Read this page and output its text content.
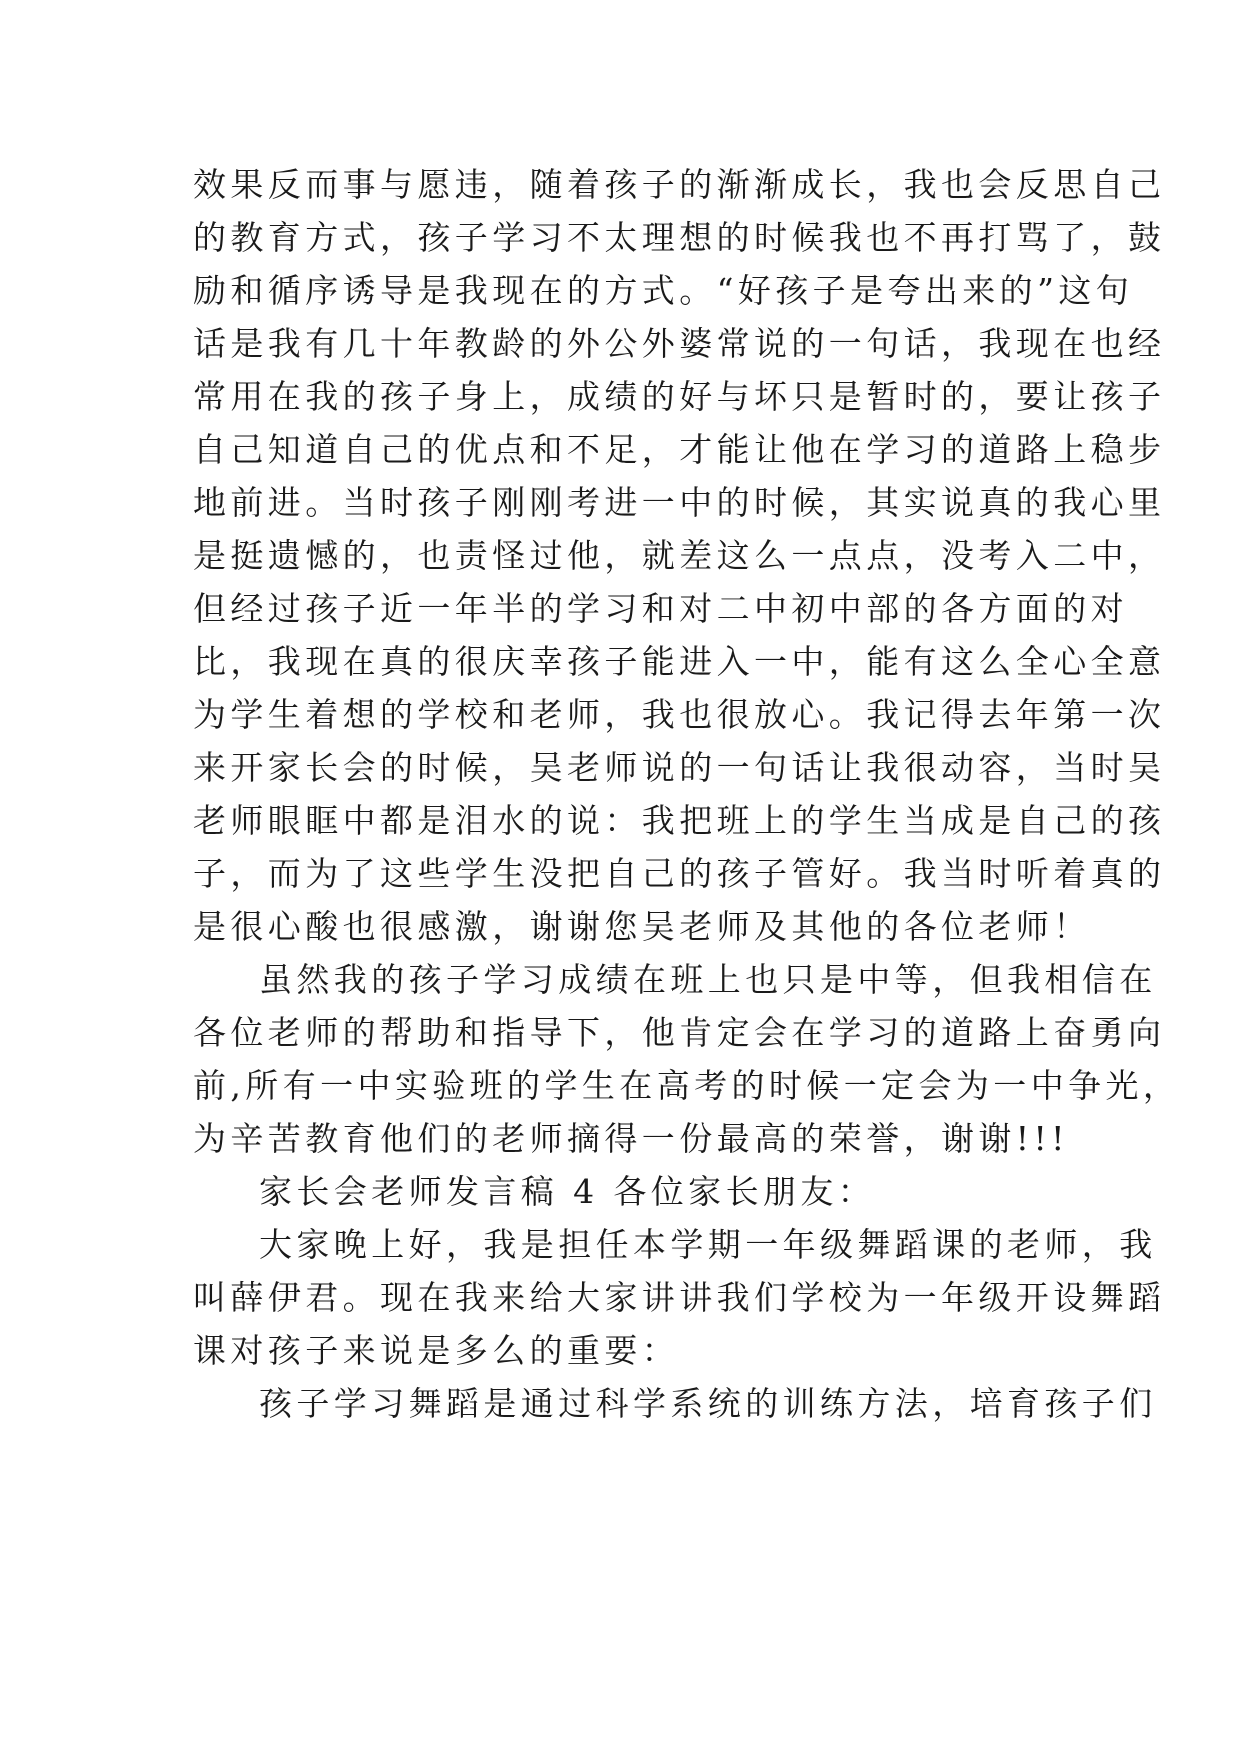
效果反而事与愿违，随着孩子的渐渐成长，我也会反思自己
的教育方式，孩子学习不太理想的时候我也不再打骂了，鼓
励和循序诱导是我现在的方式。“好孩子是夸出来的”这句
话是我有几十年教龄的外公外婆常说的一句话，我现在也经
常用在我的孩子身上，成绩的好与坏只是暂时的，要让孩子
自己知道自己的优点和不足，才能让他在学习的道路上稳步
地前进。当时孩子刚刚考进一中的时候，其实说真的我心里
是挺遗憾的，也责怪过他，就差这么一点点，没考入二中，
但经过孩子近一年半的学习和对二中初中部的各方面的对
比，我现在真的很庆幸孩子能进入一中，能有这么全心全意
为学生着想的学校和老师，我也很放心。我记得去年第一次
来开家长会的时候，吴老师说的一句话让我很动容，当时吴
老师眼眶中都是泪水的说：我把班上的学生当成是自己的孩
子，而为了这些学生没把自己的孩子管好。我当时听着真的
是很心酸也很感激，谢谢您吴老师及其他的各位老师！
虽然我的孩子学习成绩在班上也只是中等，但我相信在
各位老师的帮助和指导下，他肯定会在学习的道路上奋勇向
前,所有一中实验班的学生在高考的时候一定会为一中争光，
为辛苦教育他们的老师摘得一份最高的荣誉，谢谢!!!
家长会老师发言稿 4 各位家长朋友：
大家晚上好，我是担任本学期一年级舞蹈课的老师，我
叫薛伊君。现在我来给大家讲讲我们学校为一年级开设舞蹈
课对孩子来说是多么的重要：
孩子学习舞蹈是通过科学系统的训练方法，培育孩子们
